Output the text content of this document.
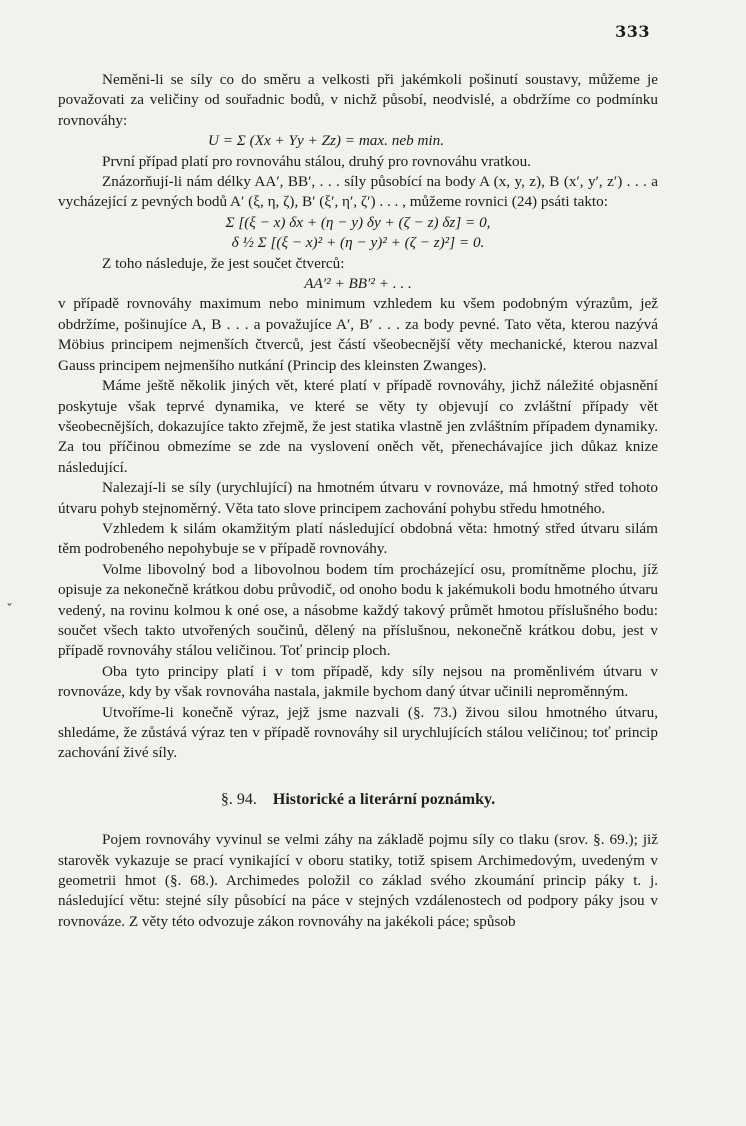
333
ˇ

Neměni-li se síly co do směru a velkosti při jakémkoli pošinutí soustavy, můžeme je považovati za veličiny od souřadnic bodů, v nichž působí, neodvislé, a obdržíme co podmínku rovnováhy:

U = Σ (Xx + Yy + Zz) = max. neb min.

První případ platí pro rovnováhu stálou, druhý pro rovnováhu vratkou.

Znázorňují-li nám délky AA′, BB′, . . . síly působící na body A (x, y, z), B (x′, y′, z′) . . . a vycházející z pevných bodů A′ (ξ, η, ζ), B′ (ξ′, η′, ζ′) . . . , můžeme rovnici (24) psáti takto:

Σ [(ξ − x) δx + (η − y) δy + (ζ − z) δz] = 0,

δ ½ Σ [(ξ − x)² + (η − y)² + (ζ − z)²] = 0.

Z toho následuje, že jest součet čtverců:

AA′² + BB′² + . . .

v případě rovnováhy maximum nebo minimum vzhledem ku všem podobným výrazům, jež obdržíme, pošinujíce A, B . . . a považujíce A′, B′ . . . za body pevné. Tato věta, kterou nazývá Möbius principem nejmenších čtverců, jest částí všeobecnější věty mechanické, kterou nazval Gauss principem nejmenšího nutkání (Princip des kleinsten Zwanges).

Máme ještě několik jiných vět, které platí v případě rovnováhy, jichž náležité objasnění poskytuje však teprvé dynamika, ve které se věty ty objevují co zvláštní případy vět všeobecnějších, dokazujíce takto zřejmě, že jest statika vlastně jen zvláštním případem dynamiky. Za tou příčinou obmezíme se zde na vyslovení oněch vět, přenechávajíce jich důkaz knize následující.

Nalezají-li se síly (urychlující) na hmotném útvaru v rovnováze, má hmotný střed tohoto útvaru pohyb stejnoměrný. Věta tato slove principem zachování pohybu středu hmotného.

Vzhledem k silám okamžitým platí následující obdobná věta: hmotný střed útvaru silám těm podrobeného nepohybuje se v případě rovnováhy.

Volme libovolný bod a libovolnou bodem tím procházející osu, promítněme plochu, jíž opisuje za nekonečně krátkou dobu průvodič, od onoho bodu k jakémukoli bodu hmotného útvaru vedený, na rovinu kolmou k oné ose, a násobme každý takový průmět hmotou příslušného bodu: součet všech takto utvořených součinů, dělený na příslušnou, nekonečně krátkou dobu, jest v případě rovnováhy stálou veličinou. Toť princip ploch.

Oba tyto principy platí i v tom případě, kdy síly nejsou na proměnlivém útvaru v rovnováze, kdy by však rovnováha nastala, jakmile bychom daný útvar učinili neproměnným.

Utvoříme-li konečně výraz, jejž jsme nazvali (§. 73.) živou silou hmotného útvaru, shledáme, že zůstává výraz ten v případě rovnováhy sil urychlujících stálou veličinou; toť princip zachování živé síly.

§. 94. Historické a literární poznámky.

Pojem rovnováhy vyvinul se velmi záhy na základě pojmu síly co tlaku (srov. §. 69.); již starověk vykazuje se prací vynikající v oboru statiky, totiž spisem Archimedovým, uvedeným v geometrii hmot (§. 68.). Archimedes položil co základ svého zkoumání princip páky t. j. následující větu: stejné síly působící na páce v stejných vzdálenostech od podpory páky jsou v rovnováze. Z věty této odvozuje zákon rovnováhy na jakékoli páce; spůsob
